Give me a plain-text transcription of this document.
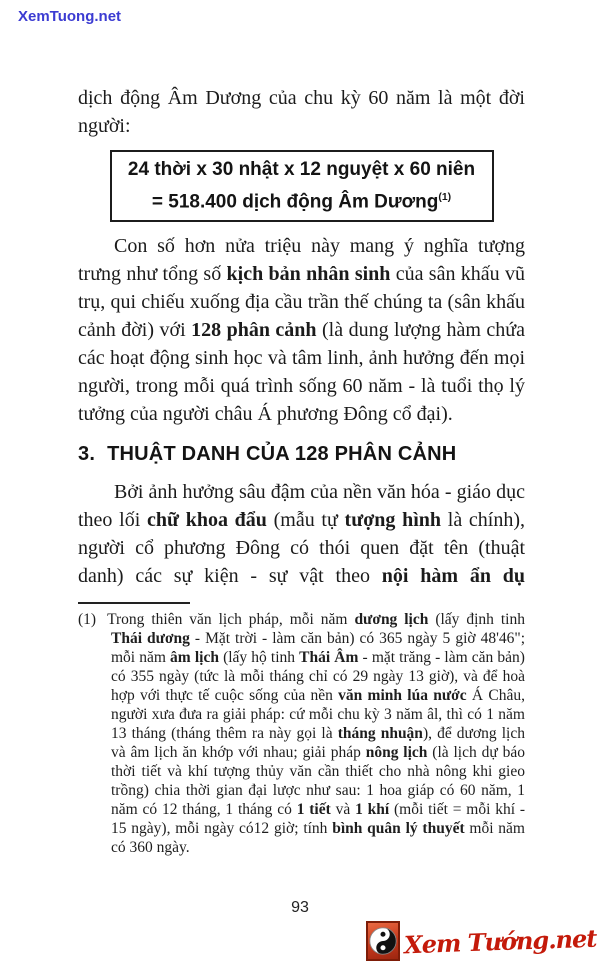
XemTuong.net

dịch động Âm Dương của chu kỳ 60 năm là một đời người:

24 thời x 30 nhật x 12 nguyệt x 60 niên
= 518.400 dịch động Âm Dương$^{(1)}$

Con số hơn nửa triệu này mang ý nghĩa tượng trưng như tổng số kịch bản nhân sinh của sân khấu vũ trụ, qui chiếu xuống địa cầu trần thế chúng ta (sân khấu cảnh đời) với 128 phân cảnh (là dung lượng hàm chứa các hoạt động sinh học và tâm linh, ảnh hưởng đến mọi người, trong mỗi quá trình sống 60 năm - là tuổi thọ lý tưởng của người châu Á phương Đông cổ đại).

3. THUẬT DANH CỦA 128 PHÂN CẢNH

Bởi ảnh hưởng sâu đậm của nền văn hóa - giáo dục theo lối chữ khoa đẩu (mẫu tự tượng hình là chính), người cổ phương Đông có thói quen đặt tên (thuật danh) các sự kiện - sự vật theo nội hàm ẩn dụ

(1) Trong thiên văn lịch pháp, mỗi năm dương lịch (lấy định tinh Thái dương - Mặt trời - làm căn bản) có 365 ngày 5 giờ 48'46"; mỗi năm âm lịch (lấy hộ tinh Thái Âm - mặt trăng - làm căn bản) có 355 ngày (tức là mỗi tháng chỉ có 29 ngày 13 giờ), và để hoà hợp với thực tế cuộc sống của nền văn minh lúa nước Á Châu, người xưa đưa ra giải pháp: cứ mỗi chu kỳ 3 năm âl, thì có 1 năm 13 tháng (tháng thêm ra này gọi là tháng nhuận), để dương lịch và âm lịch ăn khớp với nhau; giải pháp nông lịch (là lịch dự báo thời tiết và khí tượng thủy văn cần thiết cho nhà nông khi gieo trồng) chia thời gian đại lược như sau: 1 hoa giáp có 60 năm, 1 năm có 12 tháng, 1 tháng có 1 tiết và 1 khí (mỗi tiết = mỗi khí - 15 ngày), mỗi ngày có12 giờ; tính bình quân lý thuyết mỗi năm có 360 ngày.

93
Xem Tướng.net
